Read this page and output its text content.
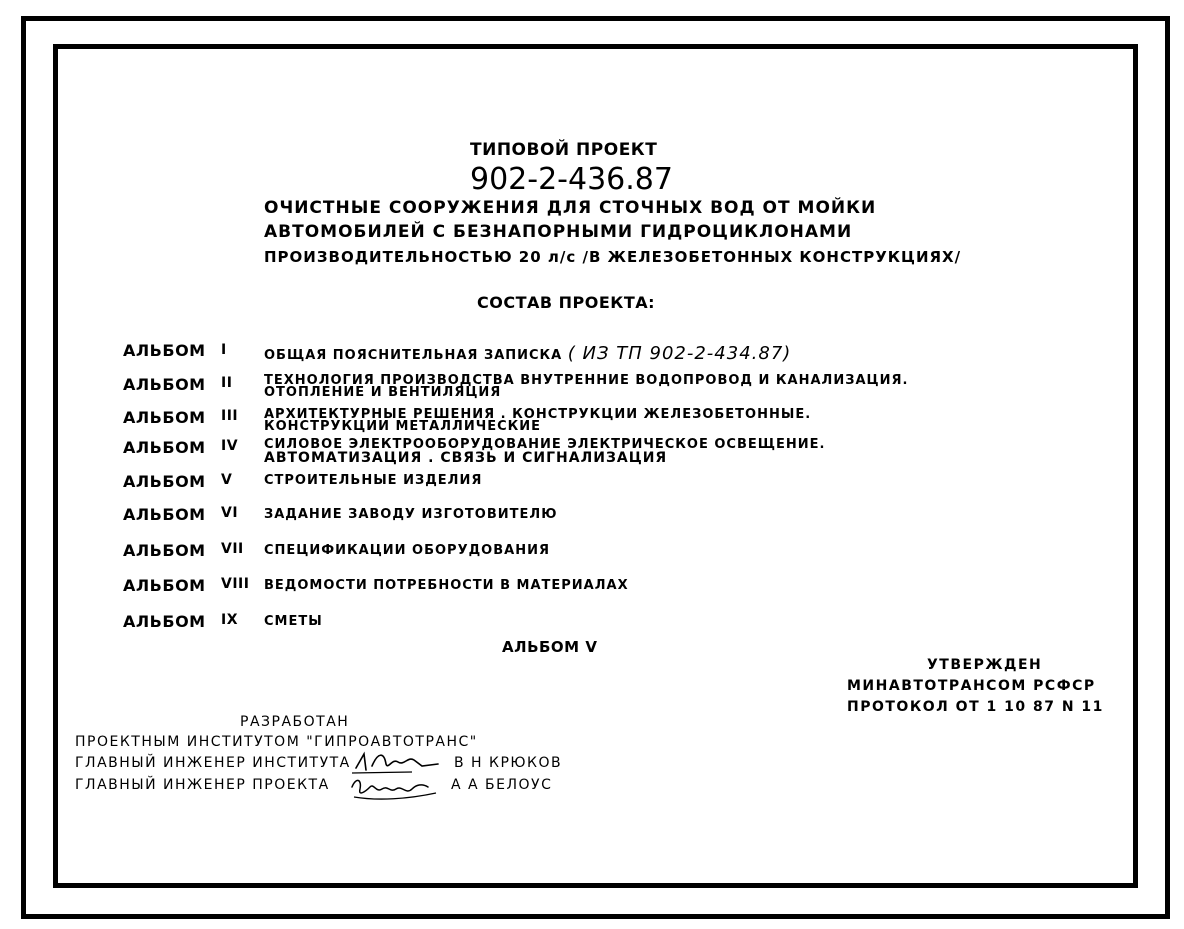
ТИПОВОЙ ПРОЕКТ
902-2-436.87
ОЧИСТНЫЕ СООРУЖЕНИЯ ДЛЯ СТОЧНЫХ ВОД ОТ МОЙКИ
АВТОМОБИЛЕЙ С БЕЗНАПОРНЫМИ ГИДРОЦИКЛОНАМИ
ПРОИЗВОДИТЕЛЬНОСТЬЮ 20 л/с /В ЖЕЛЕЗОБЕТОННЫХ КОНСТРУКЦИЯХ/
СОСТАВ ПРОЕКТА:
АЛЬБОМ I	ОБЩАЯ ПОЯСНИТЕЛЬНАЯ ЗАПИСКА ( ИЗ ТП 902-2-434.87)
АЛЬБОМ II ТЕХНОЛОГИЯ ПРОИЗВОДСТВА ВНУТРЕННИЕ ВОДОПРОВОД И КАНАЛИЗАЦИЯ.
ОТОПЛЕНИЕ И ВЕНТИЛЯЦИЯ
АЛЬБОМ III АРХИТЕКТУРНЫЕ РЕШЕНИЯ . КОНСТРУКЦИИ ЖЕЛЕЗОБЕТОННЫЕ.
КОНСТРУКЦИИ МЕТАЛЛИЧЕСКИЕ
АЛЬБОМ IV СИЛОВОЕ ЭЛЕКТРООБОРУДОВАНИЕ ЭЛЕКТРИЧЕСКОЕ ОСВЕЩЕНИЕ.
АВТОМАТИЗАЦИЯ . СВЯЗЬ И СИГНАЛИЗАЦИЯ
АЛЬБОМ V СТРОИТЕЛЬНЫЕ ИЗДЕЛИЯ
АЛЬБОМ VI ЗАДАНИЕ ЗАВОДУ ИЗГОТОВИТЕЛЮ
АЛЬБОМ VII СПЕЦИФИКАЦИИ ОБОРУДОВАНИЯ
АЛЬБОМ VIII ВЕДОМОСТИ ПОТРЕБНОСТИ В МАТЕРИАЛАХ
АЛЬБОМ IX СМЕТЫ
АЛЬБОМ V
УТВЕРЖДЕН
МИНАВТОТРАНСОМ РСФСР
ПРОТОКОЛ ОТ 1 10 87 N 11
РАЗРАБОТАН
ПРОЕКТНЫМ ИНСТИТУТОМ "ГИПРОАВТОТРАНС"
ГЛАВНЫЙ ИНЖЕНЕР ИНСТИТУТА	В Н КРЮКОВ
ГЛАВНЫЙ ИНЖЕНЕР ПРОЕКТА	А А БЕЛОУС
